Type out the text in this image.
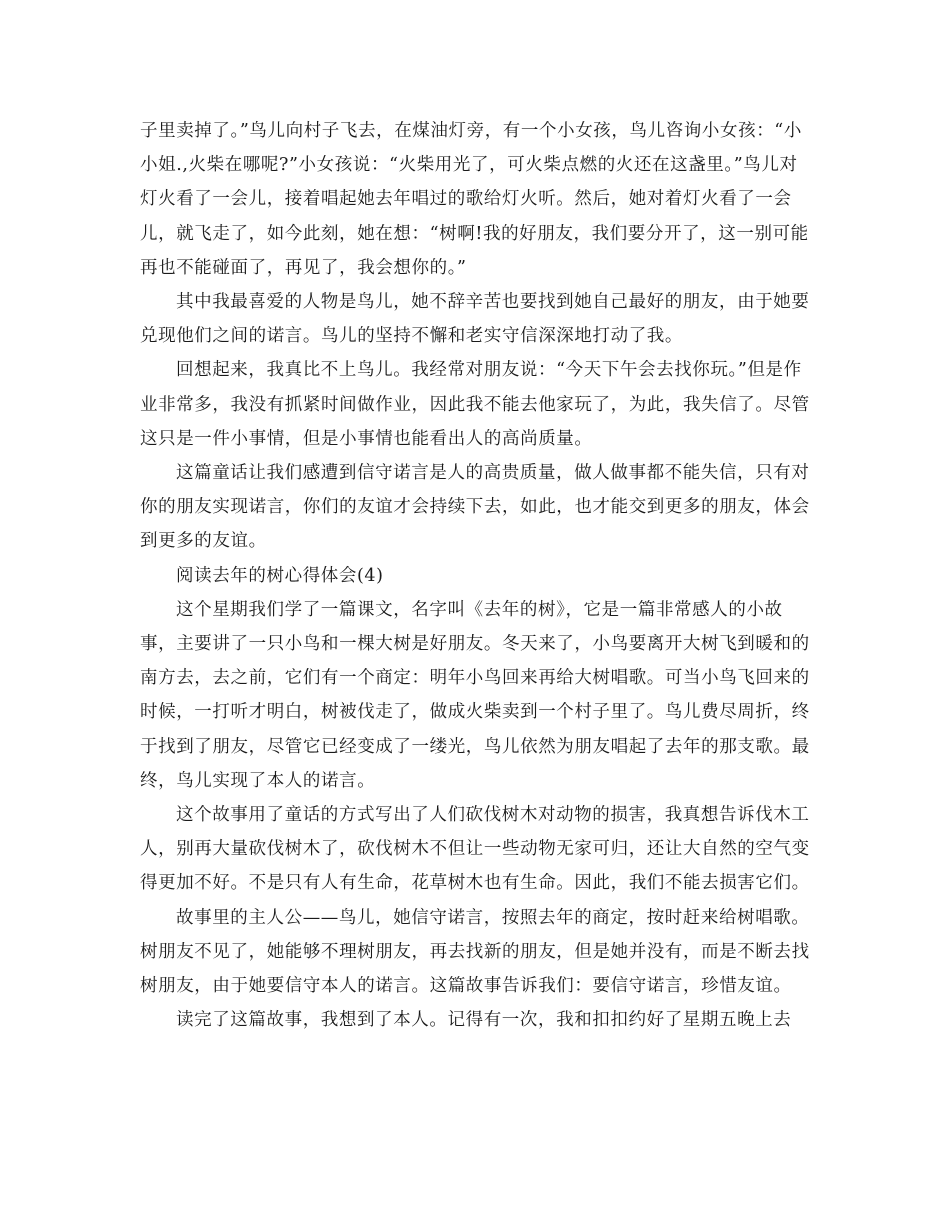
子里卖掉了。”鸟儿向村子飞去，在煤油灯旁，有一个小女孩，鸟儿咨询小女孩：“小小姐.,火柴在哪呢?”小女孩说：“火柴用光了，可火柴点燃的火还在这盏里。”鸟儿对灯火看了一会儿，接着唱起她去年唱过的歌给灯火听。然后，她对着灯火看了一会儿，就飞走了，如今此刻，她在想：“树啊!我的好朋友，我们要分开了，这一别可能再也不能碰面了，再见了，我会想你的。”

其中我最喜爱的人物是鸟儿，她不辞辛苦也要找到她自己最好的朋友，由于她要兑现他们之间的诺言。鸟儿的坚持不懈和老实守信深深地打动了我。

回想起来，我真比不上鸟儿。我经常对朋友说：“今天下午会去找你玩。”但是作业非常多，我没有抓紧时间做作业，因此我不能去他家玩了，为此，我失信了。尽管这只是一件小事情，但是小事情也能看出人的高尚质量。

这篇童话让我们感遭到信守诺言是人的高贵质量，做人做事都不能失信，只有对你的朋友实现诺言，你们的友谊才会持续下去，如此，也才能交到更多的朋友，体会到更多的友谊。

阅读去年的树心得体会(4)

这个星期我们学了一篇课文，名字叫《去年的树》，它是一篇非常感人的小故事，主要讲了一只小鸟和一棵大树是好朋友。冬天来了，小鸟要离开大树飞到暖和的南方去，去之前，它们有一个商定：明年小鸟回来再给大树唱歌。可当小鸟飞回来的时候，一打听才明白，树被伐走了，做成火柴卖到一个村子里了。鸟儿费尽周折，终于找到了朋友，尽管它已经变成了一缕光，鸟儿依然为朋友唱起了去年的那支歌。最终，鸟儿实现了本人的诺言。

这个故事用了童话的方式写出了人们砍伐树木对动物的损害，我真想告诉伐木工人，别再大量砍伐树木了，砍伐树木不但让一些动物无家可归，还让大自然的空气变得更加不好。不是只有人有生命，花草树木也有生命。因此，我们不能去损害它们。

故事里的主人公——鸟儿，她信守诺言，按照去年的商定，按时赶来给树唱歌。树朋友不见了，她能够不理树朋友，再去找新的朋友，但是她并没有，而是不断去找树朋友，由于她要信守本人的诺言。这篇故事告诉我们：要信守诺言，珍惜友谊。

读完了这篇故事，我想到了本人。记得有一次，我和扣扣约好了星期五晚上去
